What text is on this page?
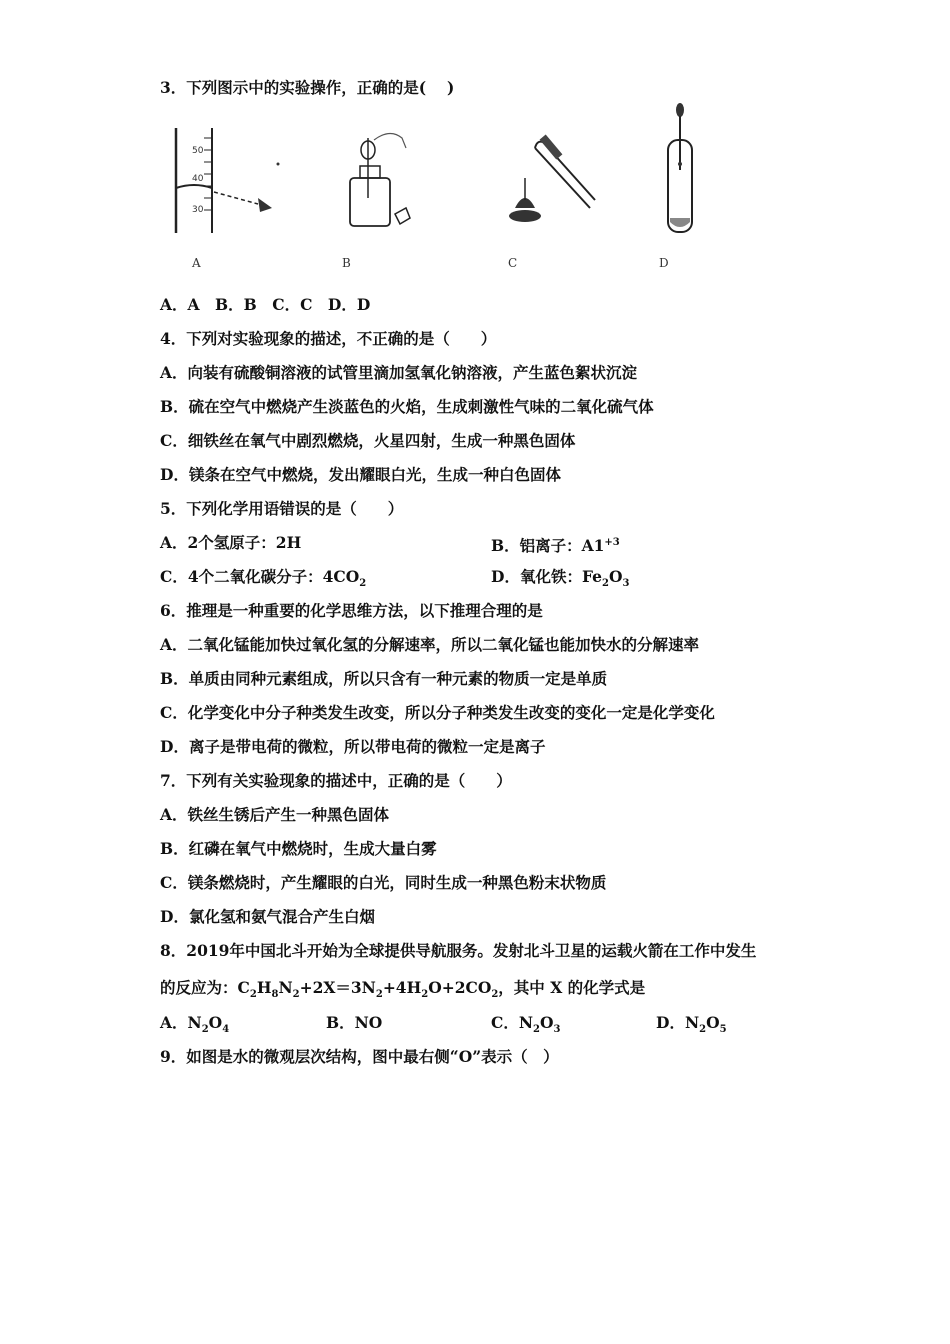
3．下列图示中的实验操作，正确的是(　 )
50
40
30
A	B	C	D
A．A　B．B　C．C　D．D
4．下列对实验现象的描述，不正确的是（　　）
A．向装有硫酸铜溶液的试管里滴加氢氧化钠溶液，产生蓝色絮状沉淀
B．硫在空气中燃烧产生淡蓝色的火焰，生成刺激性气味的二氧化硫气体
C．细铁丝在氧气中剧烈燃烧，火星四射，生成一种黑色固体
D．镁条在空气中燃烧，发出耀眼白光，生成一种白色固体
5．下列化学用语错误的是（　　）
A．2个氢原子：2H	B．铝离子：$A1^{+3}$
C．4个二氧化碳分子：$4CO_2$	D．氧化铁：$Fe_2O_3$
6．推理是一种重要的化学思维方法，以下推理合理的是
A．二氧化锰能加快过氧化氢的分解速率，所以二氧化锰也能加快水的分解速率
B．单质由同种元素组成，所以只含有一种元素的物质一定是单质
C．化学变化中分子种类发生改变，所以分子种类发生改变的变化一定是化学变化
D．离子是带电荷的微粒，所以带电荷的微粒一定是离子
7．下列有关实验现象的描述中，正确的是（　　）
A．铁丝生锈后产生一种黑色固体
B．红磷在氧气中燃烧时，生成大量白雾
C．镁条燃烧时，产生耀眼的白光，同时生成一种黑色粉末状物质
D．氯化氢和氨气混合产生白烟
8．2019年中国北斗开始为全球提供导航服务。发射北斗卫星的运载火箭在工作中发生
的反应为：$C_2H_8N_2+2X=3N_2+4H_2O+2CO_2$，其中 X 的化学式是
A．$N_2O_4$	B．NO	C．$N_2O_3$	D．$N_2O_5$
9．如图是水的微观层次结构，图中最右侧“O”表示（　）
